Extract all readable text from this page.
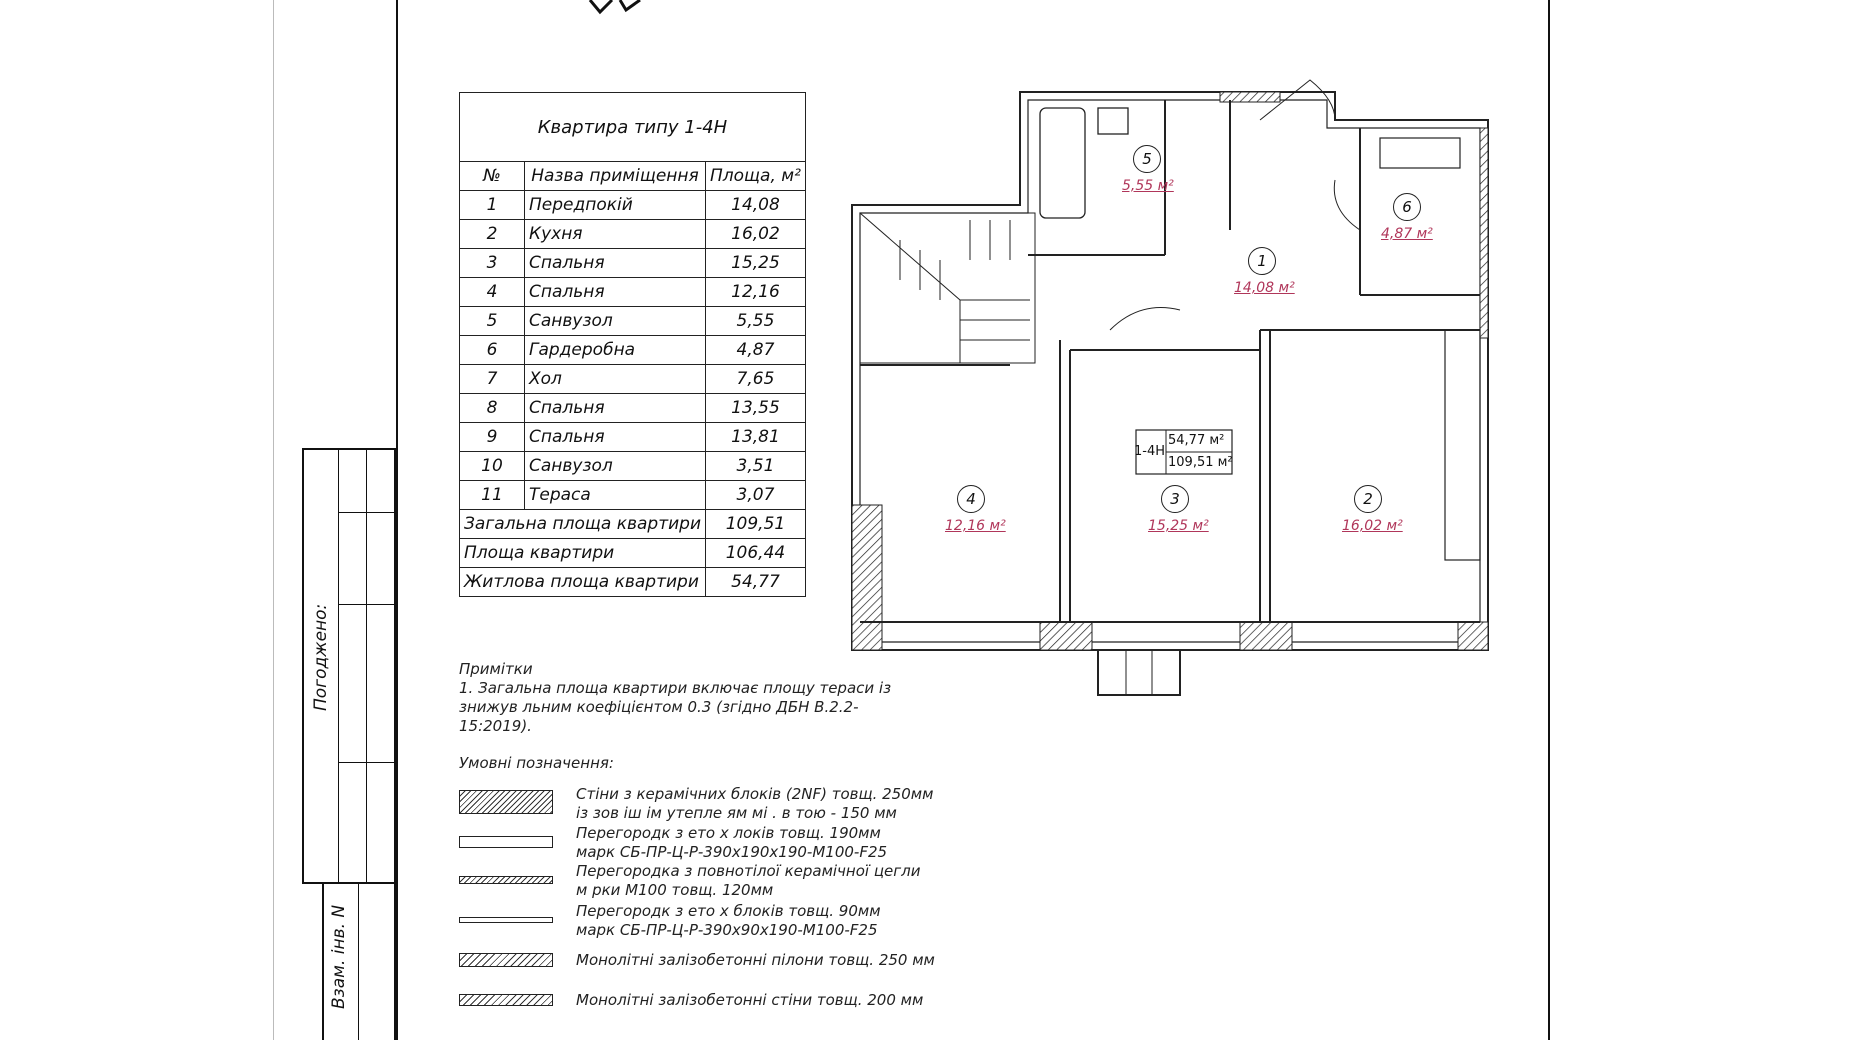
Погоджено:
Взам. інв. N
Квартира типу 1-4Н		
№	Назва приміщення	Площа, м²
1	Передпокій	14,08
2	Кухня	16,02
3	Спальня	15,25
4	Спальня	12,16
5	Санвузол	5,55
6	Гардеробна	4,87
7	Хол	7,65
8	Спальня	13,55
9	Спальня	13,81
10	Санвузол	3,51
11	Тераса	3,07
Загальна площа квартири		109,51
Площа квартири		106,44
Житлова площа квартири		54,77
Примітки
1. Загальна площа квартири включає площу тераси із
знижув льним коефіцієнтом 0.3 (згідно ДБН В.2.2-15:2019).
Умовні позначення:
Стіни з керамічних блоків (2NF) товщ. 250мм
із зов іш ім утепле ям мі . в тою - 150 мм
Перегородк з ето х локів товщ. 190мм
марк СБ-ПР-Ц-Р-390х190х190-М100-F25
Перегородка з повнотілої керамічної цегли
м рки М100 товщ. 120мм
Перегородк з ето х блоків товщ. 90мм
марк СБ-ПР-Ц-Р-390х90х190-М100-F25
Монолітні залізобетонні пілони товщ. 250 мм
Монолітні залізобетонні стіни товщ. 200 мм
5
5,55 м²
6
4,87 м²
1
14,08 м²
4
12,16 м²
3
15,25 м²
2
16,02 м²
1-4Н
54,77 м²
109,51 м²
